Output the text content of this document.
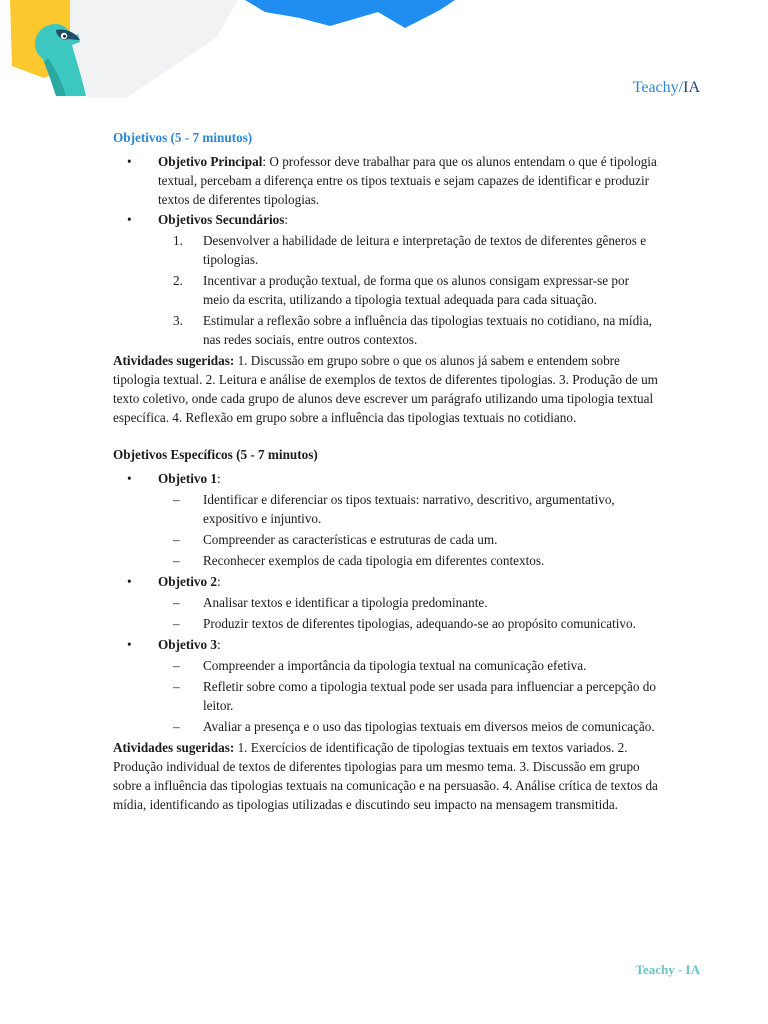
Teachy/IA
Objetivos (5 - 7 minutos)
• Objetivo Principal: O professor deve trabalhar para que os alunos entendam o que é tipologia textual, percebam a diferença entre os tipos textuais e sejam capazes de identificar e produzir textos de diferentes tipologias.
• Objetivos Secundários:
1. Desenvolver a habilidade de leitura e interpretação de textos de diferentes gêneros e tipologias.
2. Incentivar a produção textual, de forma que os alunos consigam expressar-se por meio da escrita, utilizando a tipologia textual adequada para cada situação.
3. Estimular a reflexão sobre a influência das tipologias textuais no cotidiano, na mídia, nas redes sociais, entre outros contextos.

Atividades sugeridas: 1. Discussão em grupo sobre o que os alunos já sabem e entendem sobre tipologia textual. 2. Leitura e análise de exemplos de textos de diferentes tipologias. 3. Produção de um texto coletivo, onde cada grupo de alunos deve escrever um parágrafo utilizando uma tipologia textual específica. 4. Reflexão em grupo sobre a influência das tipologias textuais no cotidiano.

Objetivos Específicos (5 - 7 minutos)
• Objetivo 1:
– Identificar e diferenciar os tipos textuais: narrativo, descritivo, argumentativo, expositivo e injuntivo.
– Compreender as características e estruturas de cada um.
– Reconhecer exemplos de cada tipologia em diferentes contextos.
• Objetivo 2:
– Analisar textos e identificar a tipologia predominante.
– Produzir textos de diferentes tipologias, adequando-se ao propósito comunicativo.
• Objetivo 3:
– Compreender a importância da tipologia textual na comunicação efetiva.
– Refletir sobre como a tipologia textual pode ser usada para influenciar a percepção do leitor.
– Avaliar a presença e o uso das tipologias textuais em diversos meios de comunicação.

Atividades sugeridas: 1. Exercícios de identificação de tipologias textuais em textos variados. 2. Produção individual de textos de diferentes tipologias para um mesmo tema. 3. Discussão em grupo sobre a influência das tipologias textuais na comunicação e na persuasão. 4. Análise crítica de textos da mídia, identificando as tipologias utilizadas e discutindo seu impacto na mensagem transmitida.

Teachy - IA
